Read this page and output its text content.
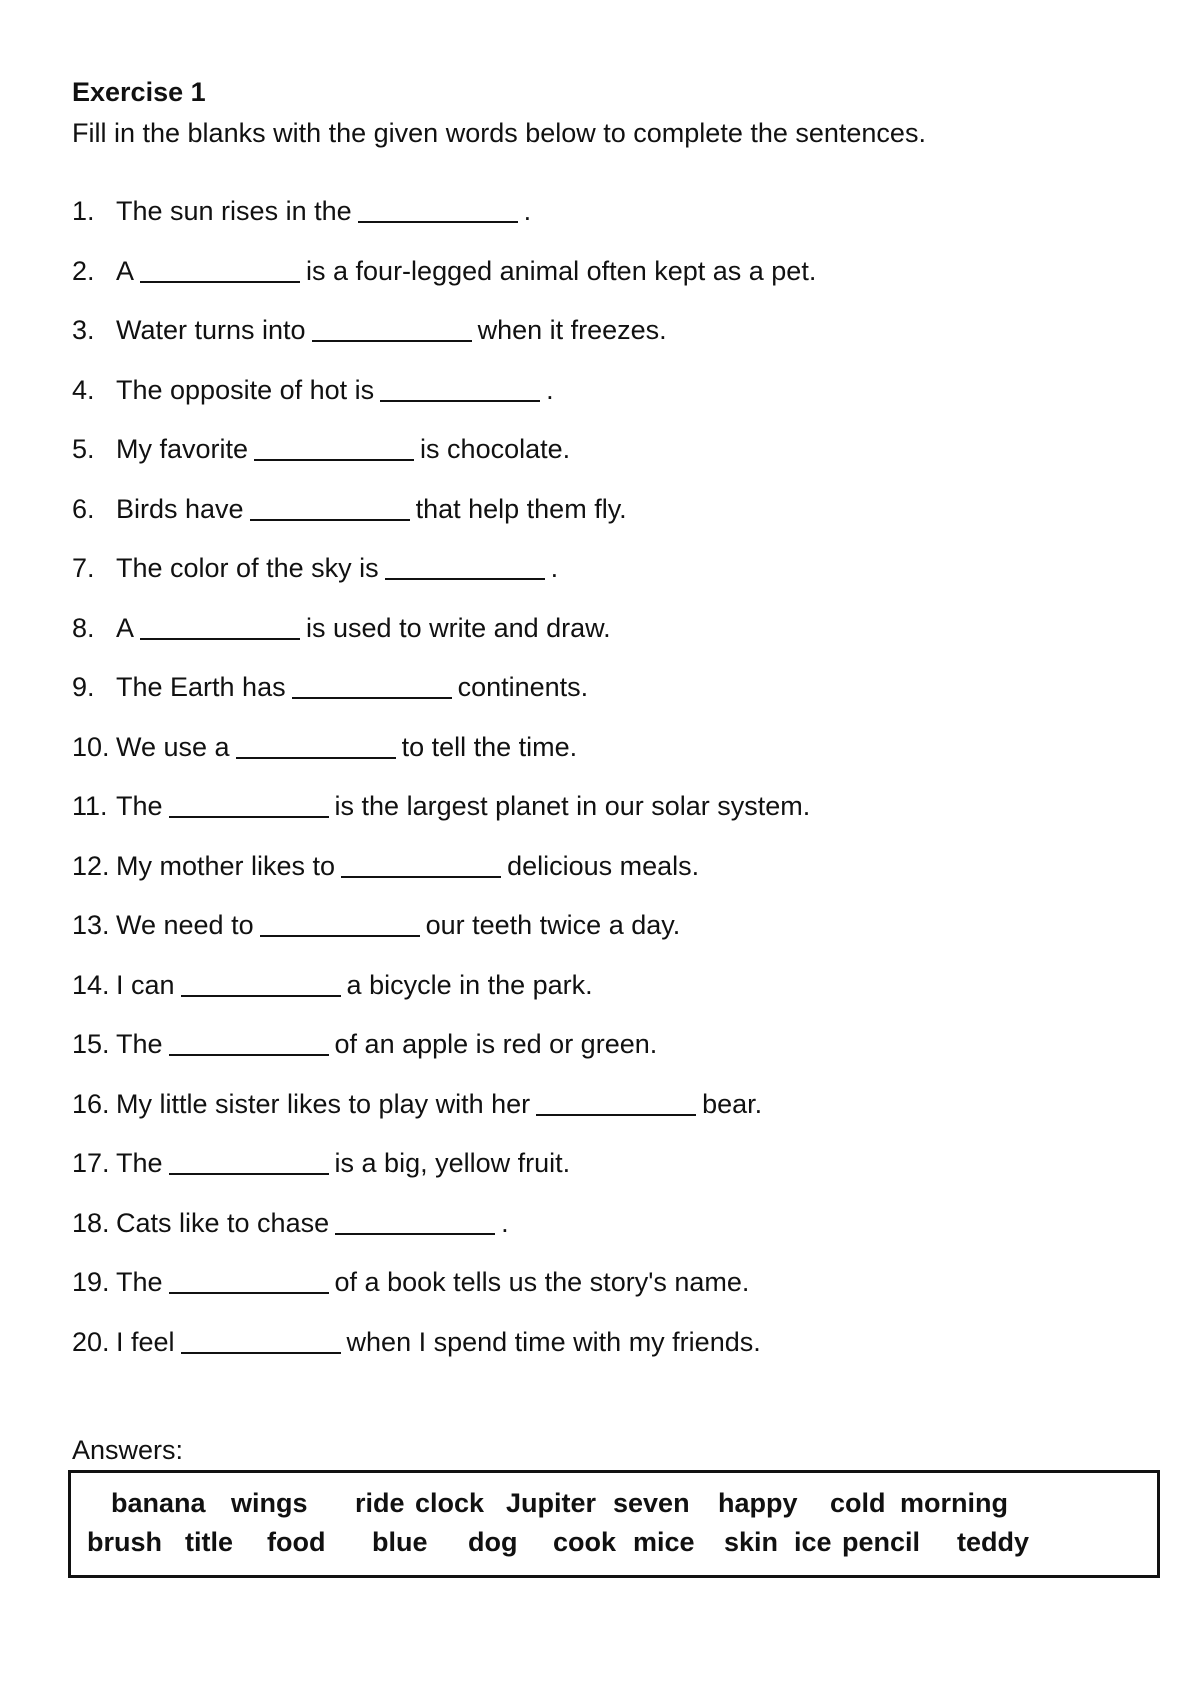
Exercise 1
Fill in the blanks with the given words below to complete the sentences.
1. The sun rises in the	.
2. A	is a four-legged animal often kept as a pet.
3. Water turns into	when it freezes.
4. The opposite of hot is	.
5. My favorite	is chocolate.
6. Birds have	that help them fly.
7. The color of the sky is	.
8. A	is used to write and draw.
9. The Earth has	continents.
10. We use a	to tell the time.
11. The	is the largest planet in our solar system.
12. My mother likes to	delicious meals.
13. We need to	our teeth twice a day.
14. I can	a bicycle in the park.
15. The	of an apple is red or green.
16. My little sister likes to play with her	bear.
17. The	is a big, yellow fruit.
18. Cats like to chase	.
19. The	of a book tells us the story's name.
20. I feel	when I spend time with my friends.
Answers:
banana wings ride clock Jupiter seven happy cold morning
brush title food blue dog cook mice skin ice pencil teddy
